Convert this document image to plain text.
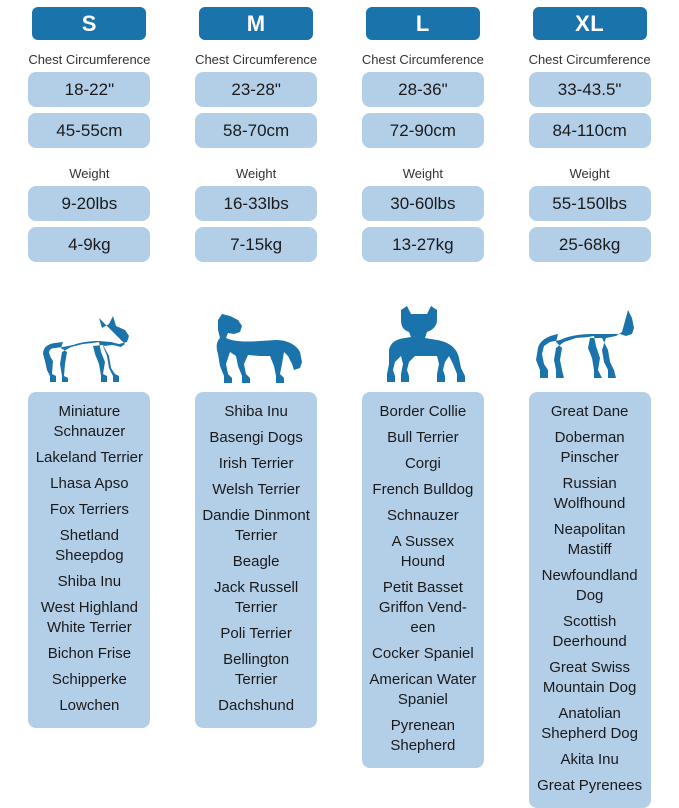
S
Chest Circumference
18-22"
45-55cm
Weight
9-20lbs
4-9kg
Miniature Schnauzer
Lakeland Terrier
Lhasa Apso
Fox Terriers
Shetland Sheepdog
Shiba Inu
West Highland White Terrier
Bichon Frise
Schipperke
Lowchen
M
Chest Circumference
23-28"
58-70cm
Weight
16-33lbs
7-15kg
Shiba Inu
Basengi Dogs
Irish Terrier
Welsh Terrier
Dandie Dinmont Terrier
Beagle
Jack Russell Terrier
Poli Terrier
Bellington Terrier
Dachshund
L
Chest Circumference
28-36"
72-90cm
Weight
30-60lbs
13-27kg
Border Collie
Bull Terrier
Corgi
French Bulldog
Schnauzer
A Sussex Hound
Petit Basset Griffon Vend-een
Cocker Spaniel
American Water Spaniel
Pyrenean Shepherd
XL
Chest Circumference
33-43.5"
84-110cm
Weight
55-150lbs
25-68kg
Great Dane
Doberman Pinscher
Russian Wolfhound
Neapolitan Mastiff
Newfoundland Dog
Scottish Deerhound
Great Swiss Mountain Dog
Anatolian Shepherd Dog
Akita Inu
Great Pyrenees
